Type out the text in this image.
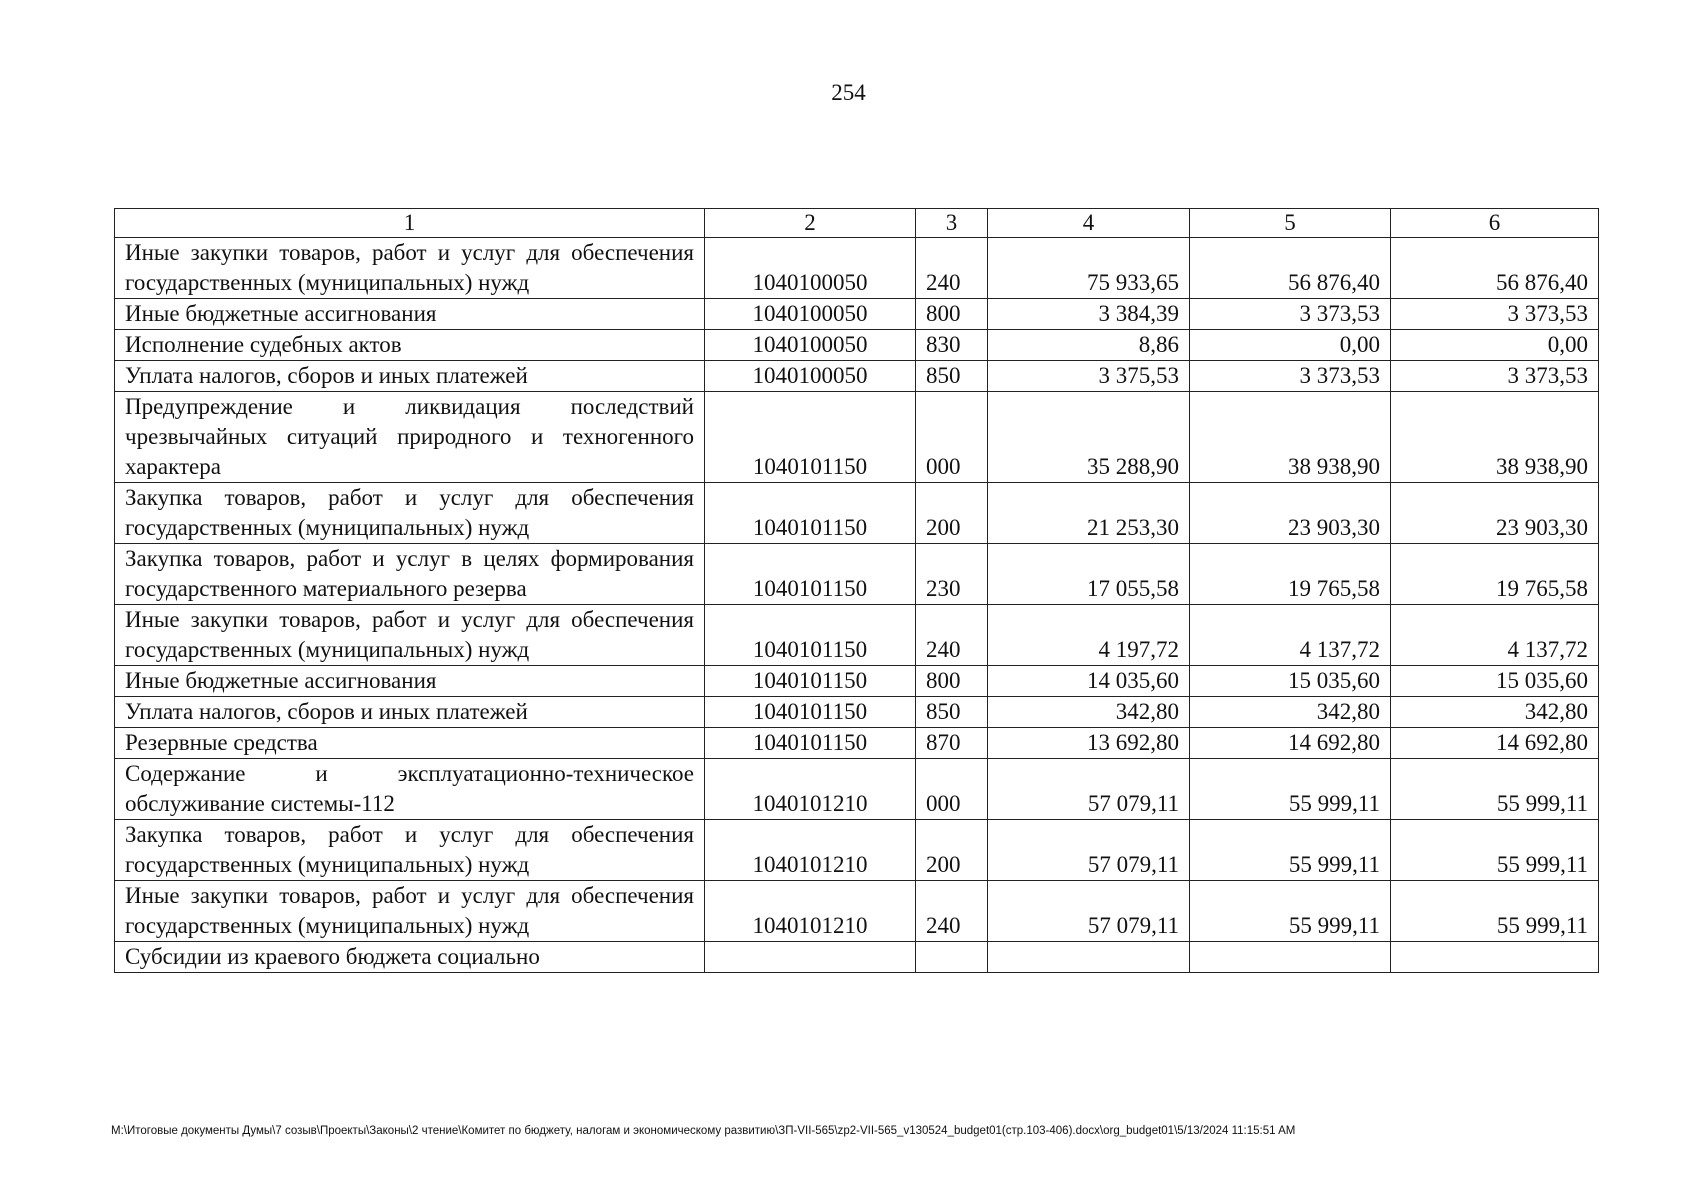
254
1	2	3	4	5	6
Иные закупки товаров, работ и услуг для обеспечения государственных (муниципальных) нужд	1040100050	240	75 933,65	56 876,40	56 876,40
Иные бюджетные ассигнования	1040100050	800	3 384,39	3 373,53	3 373,53
Исполнение судебных актов	1040100050	830	8,86	0,00	0,00
Уплата налогов, сборов и иных платежей	1040100050	850	3 375,53	3 373,53	3 373,53
Предупреждение и ликвидация последствий чрезвычайных ситуаций природного и техногенного характера	1040101150	000	35 288,90	38 938,90	38 938,90
Закупка товаров, работ и услуг для обеспечения государственных (муниципальных) нужд	1040101150	200	21 253,30	23 903,30	23 903,30
Закупка товаров, работ и услуг в целях формирования государственного материального резерва	1040101150	230	17 055,58	19 765,58	19 765,58
Иные закупки товаров, работ и услуг для обеспечения государственных (муниципальных) нужд	1040101150	240	4 197,72	4 137,72	4 137,72
Иные бюджетные ассигнования	1040101150	800	14 035,60	15 035,60	15 035,60
Уплата налогов, сборов и иных платежей	1040101150	850	342,80	342,80	342,80
Резервные средства	1040101150	870	13 692,80	14 692,80	14 692,80
Содержание и эксплуатационно-техническое обслуживание системы-112	1040101210	000	57 079,11	55 999,11	55 999,11
Закупка товаров, работ и услуг для обеспечения государственных (муниципальных) нужд	1040101210	200	57 079,11	55 999,11	55 999,11
Иные закупки товаров, работ и услуг для обеспечения государственных (муниципальных) нужд	1040101210	240	57 079,11	55 999,11	55 999,11
Субсидии из краевого бюджета социально					
M:\Итоговые документы Думы\7 созыв\Проекты\Законы\2 чтение\Комитет по бюджету, налогам и экономическому развитию\ЗП-VII-565\zp2-VII-565_v130524_budget01(стр.103-406).docx\org_budget01\5/13/2024 11:15:51 AM
